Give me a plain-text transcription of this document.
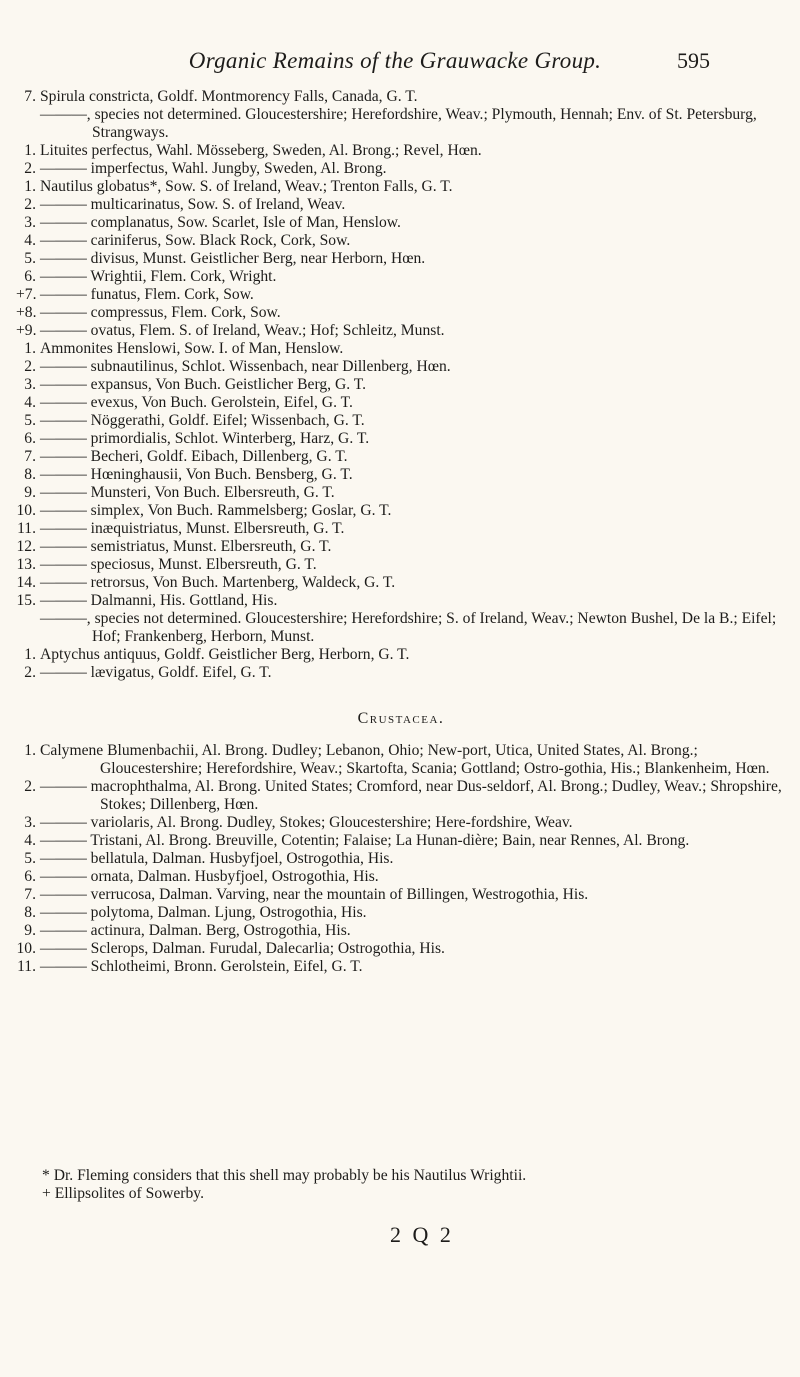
Organic Remains of the Grauwacke Group.	595
7. Spirula constricta, Goldf. Montmorency Falls, Canada, G. T.
———, species not determined. Gloucestershire; Herefordshire, Weav.; Plymouth, Hennah; Env. of St. Petersburg, Strangways.
1. Lituites perfectus, Wahl. Mösseberg, Sweden, Al. Brong.; Revel, Hœn.
2. ——— imperfectus, Wahl. Jungby, Sweden, Al. Brong.
1. Nautilus globatus*, Sow. S. of Ireland, Weav.; Trenton Falls, G. T.
2. ——— multicarinatus, Sow. S. of Ireland, Weav.
3. ——— complanatus, Sow. Scarlet, Isle of Man, Henslow.
4. ——— cariniferus, Sow. Black Rock, Cork, Sow.
5. ——— divisus, Munst. Geistlicher Berg, near Herborn, Hœn.
6. ——— Wrightii, Flem. Cork, Wright.
+7. ——— funatus, Flem. Cork, Sow.
+8. ——— compressus, Flem. Cork, Sow.
+9. ——— ovatus, Flem. S. of Ireland, Weav.; Hof; Schleitz, Munst.
1. Ammonites Henslowi, Sow. I. of Man, Henslow.
2. ——— subnautilinus, Schlot. Wissenbach, near Dillenberg, Hœn.
3. ——— expansus, Von Buch. Geistlicher Berg, G. T.
4. ——— evexus, Von Buch. Gerolstein, Eifel, G. T.
5. ——— Nöggerathi, Goldf. Eifel; Wissenbach, G. T.
6. ——— primordialis, Schlot. Winterberg, Harz, G. T.
7. ——— Becheri, Goldf. Eibach, Dillenberg, G. T.
8. ——— Hœninghausii, Von Buch. Bensberg, G. T.
9. ——— Munsteri, Von Buch. Elbersreuth, G. T.
10. ——— simplex, Von Buch. Rammelsberg; Goslar, G. T.
11. ——— inæquistriatus, Munst. Elbersreuth, G. T.
12. ——— semistriatus, Munst. Elbersreuth, G. T.
13. ——— speciosus, Munst. Elbersreuth, G. T.
14. ——— retrorsus, Von Buch. Martenberg, Waldeck, G. T.
15. ——— Dalmanni, His. Gottland, His.
———, species not determined. Gloucestershire; Herefordshire; S. of Ireland, Weav.; Newton Bushel, De la B.; Eifel; Hof; Frankenberg, Herborn, Munst.
1. Aptychus antiquus, Goldf. Geistlicher Berg, Herborn, G. T.
2. ——— lævigatus, Goldf. Eifel, G. T.
Crustacea.
1. Calymene Blumenbachii, Al. Brong. Dudley; Lebanon, Ohio; New-port, Utica, United States, Al. Brong.; Gloucestershire; Herefordshire, Weav.; Skartofta, Scania; Gottland; Ostro-gothia, His.; Blankenheim, Hœn.
2. ——— macrophthalma, Al. Brong. United States; Cromford, near Dus-seldorf, Al. Brong.; Dudley, Weav.; Shropshire, Stokes; Dillenberg, Hœn.
3. ——— variolaris, Al. Brong. Dudley, Stokes; Gloucestershire; Here-fordshire, Weav.
4. ——— Tristani, Al. Brong. Breuville, Cotentin; Falaise; La Hunan-dière; Bain, near Rennes, Al. Brong.
5. ——— bellatula, Dalman. Husbyfjoel, Ostrogothia, His.
6. ——— ornata, Dalman. Husbyfjoel, Ostrogothia, His.
7. ——— verrucosa, Dalman. Varving, near the mountain of Billingen, Westrogothia, His.
8. ——— polytoma, Dalman. Ljung, Ostrogothia, His.
9. ——— actinura, Dalman. Berg, Ostrogothia, His.
10. ——— Sclerops, Dalman. Furudal, Dalecarlia; Ostrogothia, His.
11. ——— Schlotheimi, Bronn. Gerolstein, Eifel, G. T.

* Dr. Fleming considers that this shell may probably be his Nautilus Wrightii.

+ Ellipsolites of Sowerby.

2 Q 2
